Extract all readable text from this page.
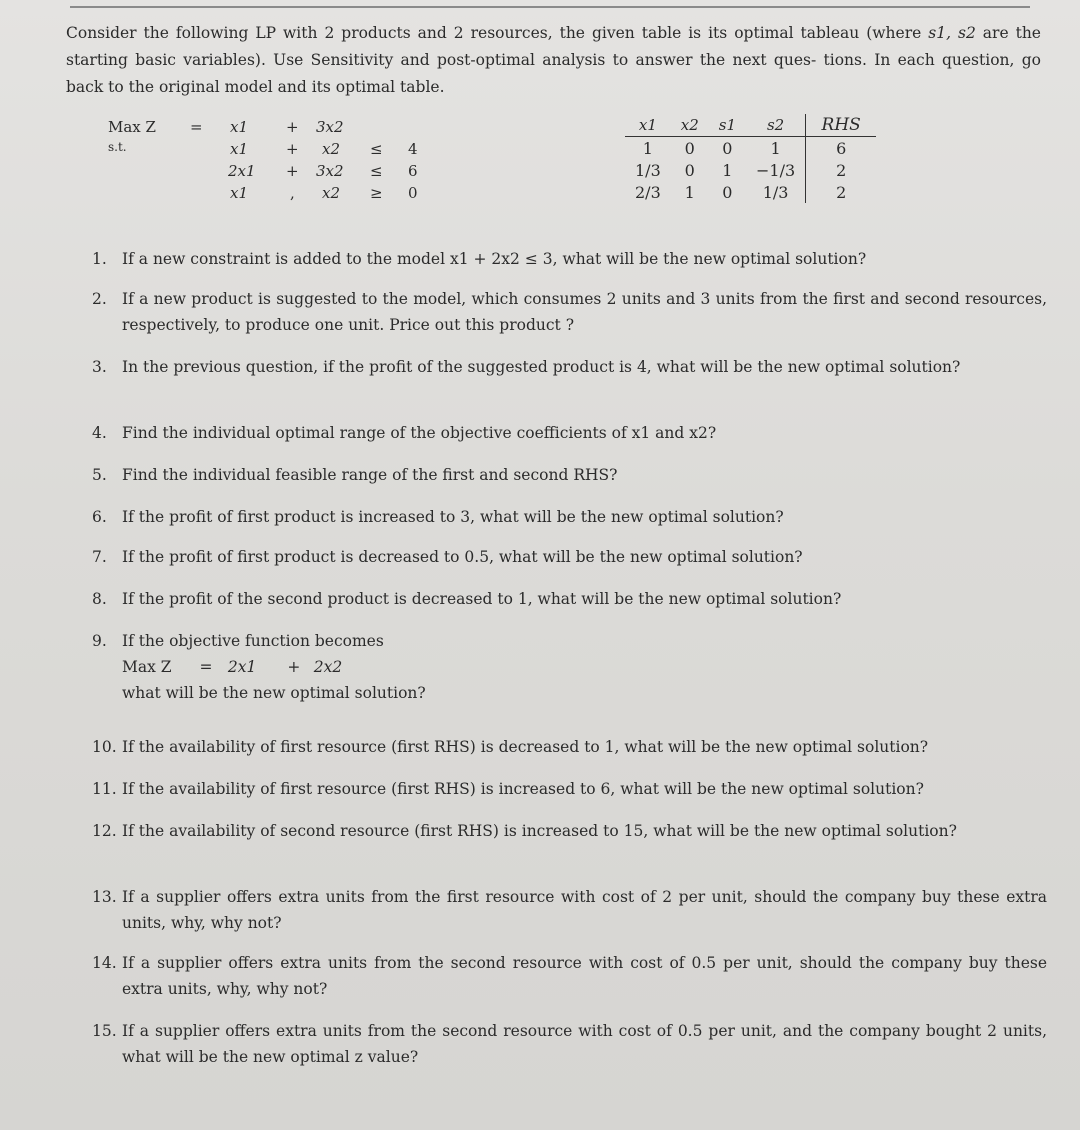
Consider the following LP with 2 products and 2 resources, the given table is its optimal tableau (where s1, s2 are the starting basic variables). Use Sensitivity and post-optimal analysis to answer the next ques- tions. In each question, go back to the original model and its optimal table.
Max Z = x1	+ 3x2
s.t.	x1	+ x2 ≤ 4
2x1 + 3x2 ≤ 6
x1	, x2 ≥ 0
x1	x2	s1	s2	RHS
1	0	0	1	6
1/3	0	1	−1/3	2
2/3	1	0	1/3	2
1. If a new constraint is added to the model x1 + 2x2 ≤ 3, what will be the new optimal solution?
2. If a new product is suggested to the model, which consumes 2 units and 3 units from the first and second resources, respectively, to produce one unit. Price out this product ?
3. In the previous question, if the profit of the suggested product is 4, what will be the new optimal solution?
4. Find the individual optimal range of the objective coefficients of x1 and x2?
5. Find the individual feasible range of the first and second RHS?
6. If the profit of first product is increased to 3, what will be the new optimal solution?
7. If the profit of first product is decreased to 0.5, what will be the new optimal solution?
8. If the profit of the second product is decreased to 1, what will be the new optimal solution?
9. If the objective function becomes
Max Z = 2x1 + 2x2
what will be the new optimal solution?
10. If the availability of first resource (first RHS) is decreased to 1, what will be the new optimal solution?
11. If the availability of first resource (first RHS) is increased to 6, what will be the new optimal solution?
12. If the availability of second resource (first RHS) is increased to 15, what will be the new optimal solution?
13. If a supplier offers extra units from the first resource with cost of 2 per unit, should the company buy these extra units, why, why not?
14. If a supplier offers extra units from the second resource with cost of 0.5 per unit, should the company buy these extra units, why, why not?
15. If a supplier offers extra units from the second resource with cost of 0.5 per unit, and the company bought 2 units, what will be the new optimal z value?
